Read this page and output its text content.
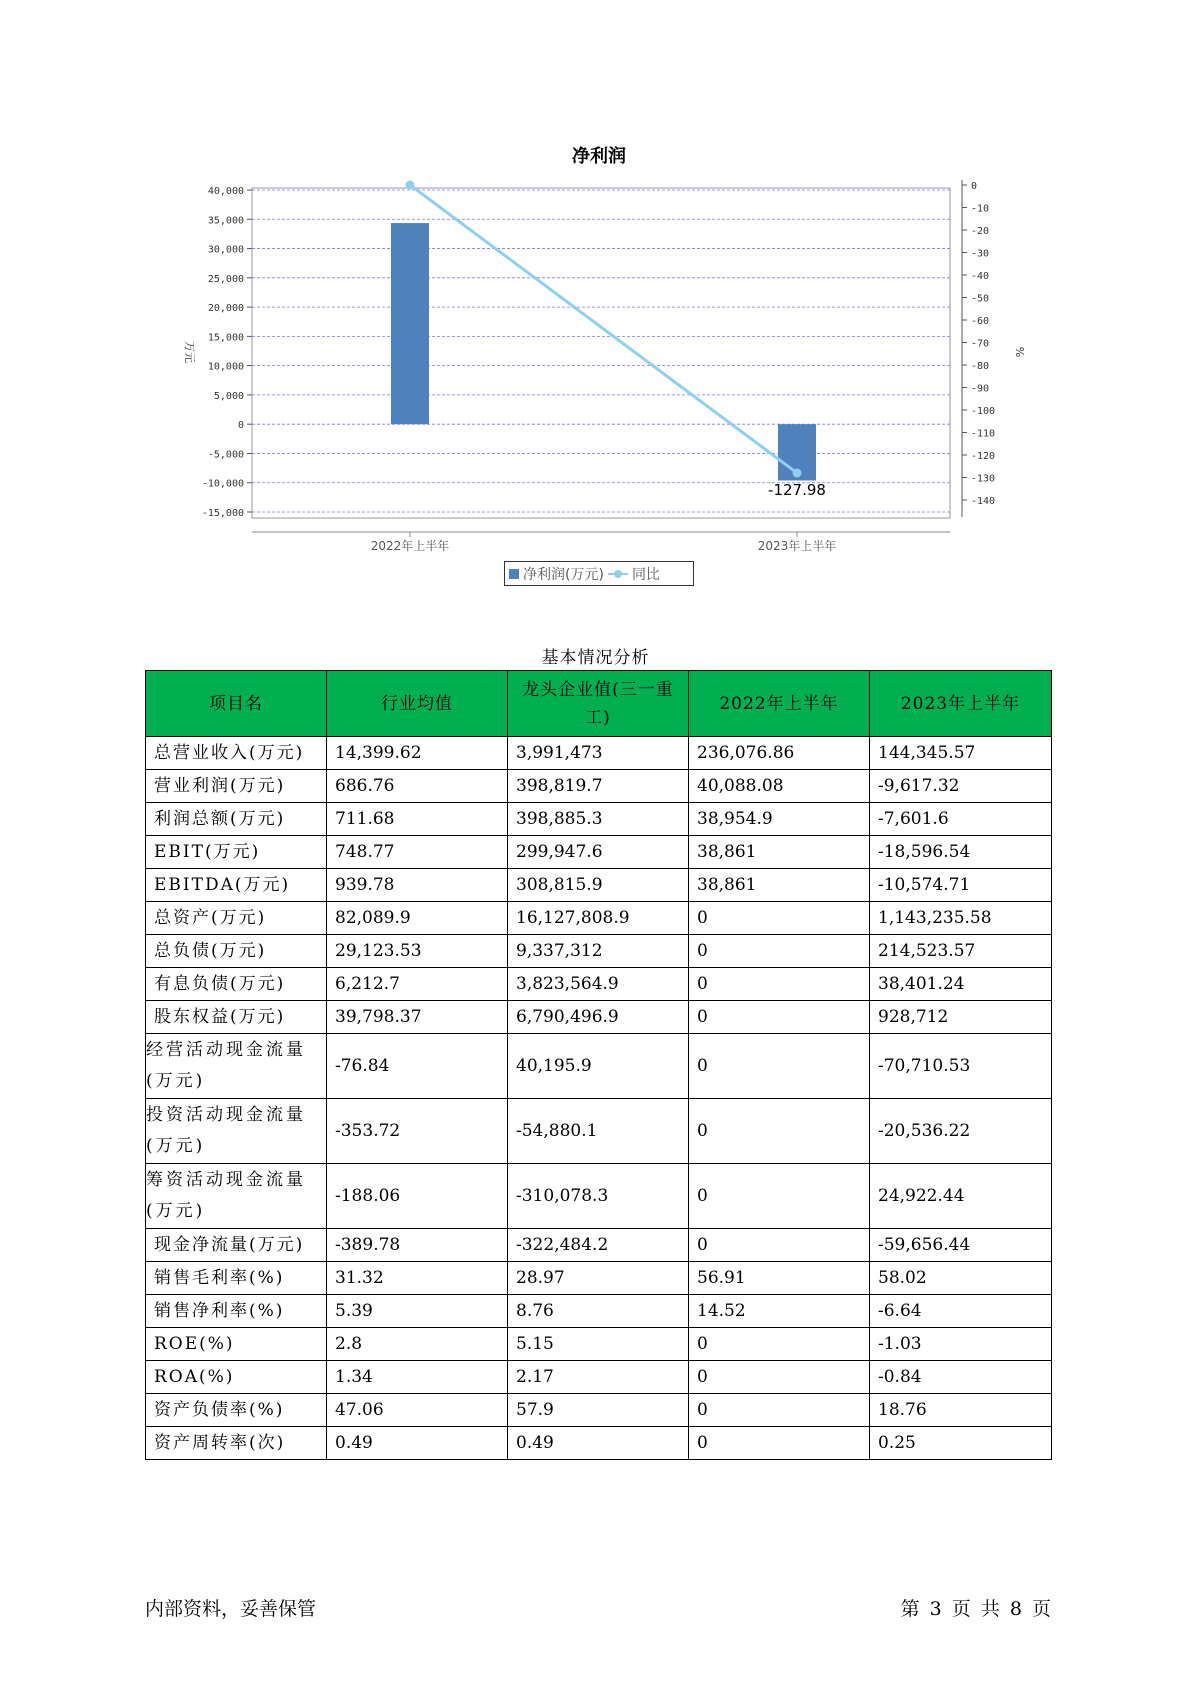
净利润
40,000
35,000
30,000
25,000
20,000
15,000
10,000
5,000
0
-5,000
-10,000
-15,000
万元
0
-10
-20
-30
-40
-50
-60
-70
-80
-90
-100
-110
-120
-130
-140
%
2022年上半年	2023年上半年
-127.98
净利润(万元) 同比
基本情况分析
项目名	行业均值	龙头企业值(三一重工)	2022年上半年	2023年上半年
总营业收入(万元)	14,399.62	3,991,473	236,076.86	144,345.57
营业利润(万元)	686.76	398,819.7	40,088.08	-9,617.32
利润总额(万元)	711.68	398,885.3	38,954.9	-7,601.6
EBIT(万元)	748.77	299,947.6	38,861	-18,596.54
EBITDA(万元)	939.78	308,815.9	38,861	-10,574.71
总资产(万元)	82,089.9	16,127,808.9	0	1,143,235.58
总负债(万元)	29,123.53	9,337,312	0	214,523.57
有息负债(万元)	6,212.7	3,823,564.9	0	38,401.24
股东权益(万元)	39,798.37	6,790,496.9	0	928,712
经营活动现金流量(万元)	-76.84	40,195.9	0	-70,710.53
投资活动现金流量(万元)	-353.72	-54,880.1	0	-20,536.22
筹资活动现金流量(万元)	-188.06	-310,078.3	0	24,922.44
现金净流量(万元)	-389.78	-322,484.2	0	-59,656.44
销售毛利率(%)	31.32	28.97	56.91	58.02
销售净利率(%)	5.39	8.76	14.52	-6.64
ROE(%)	2.8	5.15	0	-1.03
ROA(%)	1.34	2.17	0	-0.84
资产负债率(%)	47.06	57.9	0	18.76
资产周转率(次)	0.49	0.49	0	0.25
内部资料，妥善保管	第 3 页 共 8 页
